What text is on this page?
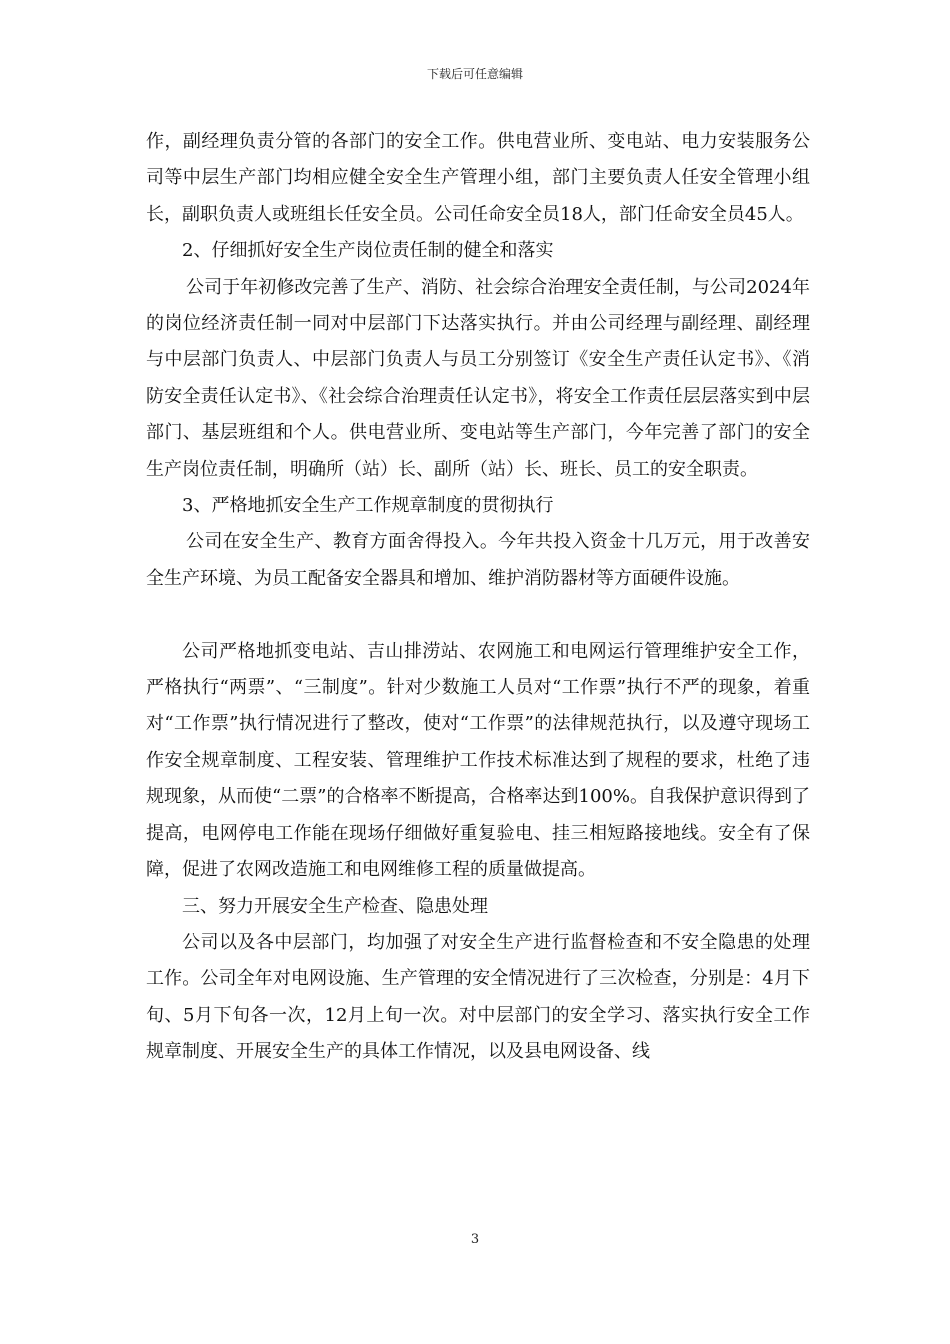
下载后可任意编辑

作，副经理负责分管的各部门的安全工作。供电营业所、变电站、电力安装服务公司等中层生产部门均相应健全安全生产管理小组，部门主要负责人任安全管理小组长，副职负责人或班组长任安全员。公司任命安全员18人，部门任命安全员45人。

2、仔细抓好安全生产岗位责任制的健全和落实

公司于年初修改完善了生产、消防、社会综合治理安全责任制，与公司2024年的岗位经济责任制一同对中层部门下达落实执行。并由公司经理与副经理、副经理与中层部门负责人、中层部门负责人与员工分别签订《安全生产责任认定书》、《消防安全责任认定书》、《社会综合治理责任认定书》，将安全工作责任层层落实到中层部门、基层班组和个人。供电营业所、变电站等生产部门，今年完善了部门的安全生产岗位责任制，明确所（站）长、副所（站）长、班长、员工的安全职责。

3、严格地抓安全生产工作规章制度的贯彻执行

公司在安全生产、教育方面舍得投入。今年共投入资金十几万元，用于改善安全生产环境、为员工配备安全器具和增加、维护消防器材等方面硬件设施。

公司严格地抓变电站、吉山排涝站、农网施工和电网运行管理维护安全工作，严格执行“两票”、“三制度”。针对少数施工人员对“工作票”执行不严的现象，着重对“工作票”执行情况进行了整改，使对“工作票”的法律规范执行，以及遵守现场工作安全规章制度、工程安装、管理维护工作技术标准达到了规程的要求，杜绝了违规现象，从而使“二票”的合格率不断提高，合格率达到100%。自我保护意识得到了提高，电网停电工作能在现场仔细做好重复验电、挂三相短路接地线。安全有了保障，促进了农网改造施工和电网维修工程的质量做提高。

三、努力开展安全生产检查、隐患处理

公司以及各中层部门，均加强了对安全生产进行监督检查和不安全隐患的处理工作。公司全年对电网设施、生产管理的安全情况进行了三次检查，分别是：4月下旬、5月下旬各一次，12月上旬一次。对中层部门的安全学习、落实执行安全工作规章制度、开展安全生产的具体工作情况，以及县电网设备、线

3
